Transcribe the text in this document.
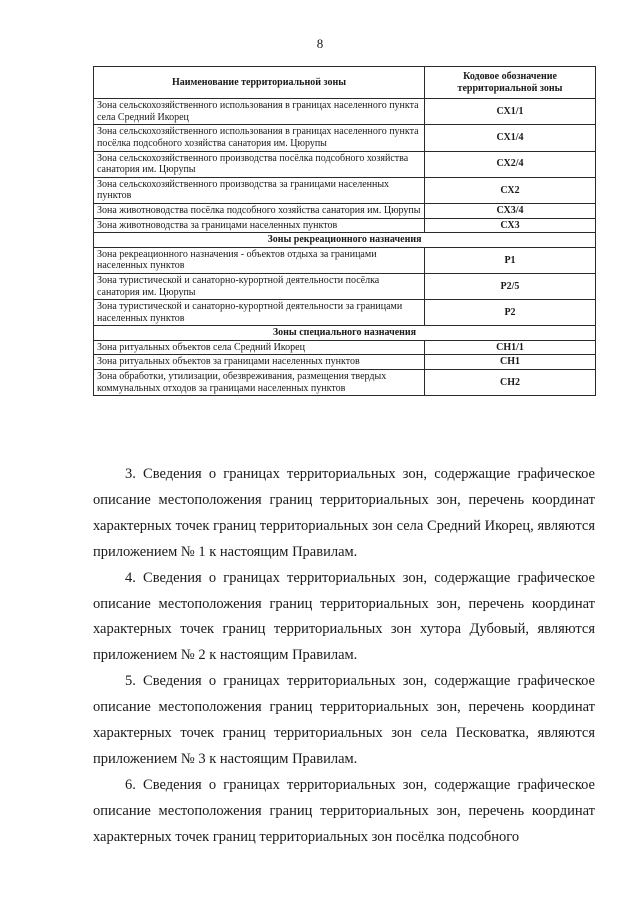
8
Наименование территориальной зоны	Кодовое обозначение территориальной зоны
Зона сельскохозяйственного использования в границах населенного пункта села Средний Икорец	СХ1/1
Зона сельскохозяйственного использования в границах населенного пункта посёлка подсобного хозяйства санатория им. Цюрупы	СХ1/4
Зона сельскохозяйственного производства посёлка подсобного хозяйства санатория им. Цюрупы	СХ2/4
Зона сельскохозяйственного производства за границами населенных пунктов	СХ2
Зона животноводства посёлка подсобного хозяйства санатория им. Цюрупы	СХ3/4
Зона животноводства за границами населенных пунктов	СХ3
Зоны рекреационного назначения	
Зона рекреационного назначения - объектов отдыха за границами населенных пунктов	Р1
Зона туристической и санаторно-курортной деятельности посёлка санатория им. Цюрупы	Р2/5
Зона туристической и санаторно-курортной деятельности за границами населенных пунктов	Р2
Зоны специального назначения	
Зона ритуальных объектов села Средний Икорец	СН1/1
Зона ритуальных объектов за границами населенных пунктов	СН1
Зона обработки, утилизации, обезвреживания, размещения твердых коммунальных отходов за границами населенных пунктов	СН2

3. Сведения о границах территориальных зон, содержащие графическое описание местоположения границ территориальных зон, перечень координат характерных точек границ территориальных зон села Средний Икорец, являются приложением № 1 к настоящим Правилам.

4. Сведения о границах территориальных зон, содержащие графическое описание местоположения границ территориальных зон, перечень координат характерных точек границ территориальных зон хутора Дубовый, являются приложением № 2 к настоящим Правилам.

5. Сведения о границах территориальных зон, содержащие графическое описание местоположения границ территориальных зон, перечень координат характерных точек границ территориальных зон села Песковатка, являются приложением № 3 к настоящим Правилам.

6. Сведения о границах территориальных зон, содержащие графическое описание местоположения границ территориальных зон, перечень координат характерных точек границ территориальных зон посёлка подсобного
